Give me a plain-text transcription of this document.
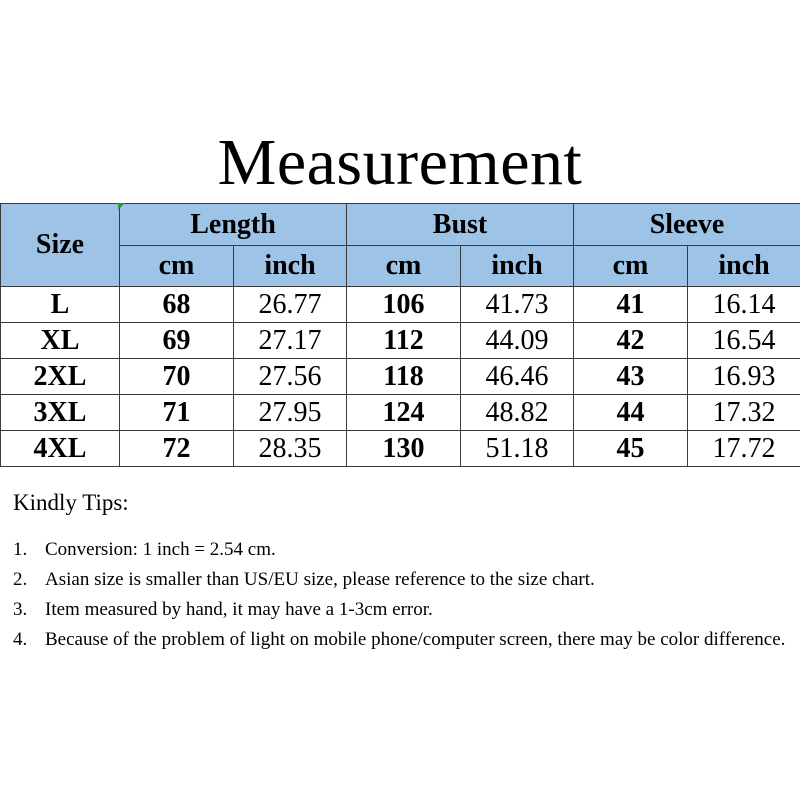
Measurement
Size	Length		Bust		Sleeve	
	cm	inch	cm	inch	cm	inch
L	68	26.77	106	41.73	41	16.14
XL	69	27.17	112	44.09	42	16.54
2XL	70	27.56	118	46.46	43	16.93
3XL	71	27.95	124	48.82	44	17.32
4XL	72	28.35	130	51.18	45	17.72
Kindly Tips:
1. Conversion: 1 inch = 2.54 cm.
2. Asian size is smaller than US/EU size, please reference to the size chart.
3. Item measured by hand, it may have a 1-3cm error.
4. Because of the problem of light on mobile phone/computer screen, there may be color difference.
